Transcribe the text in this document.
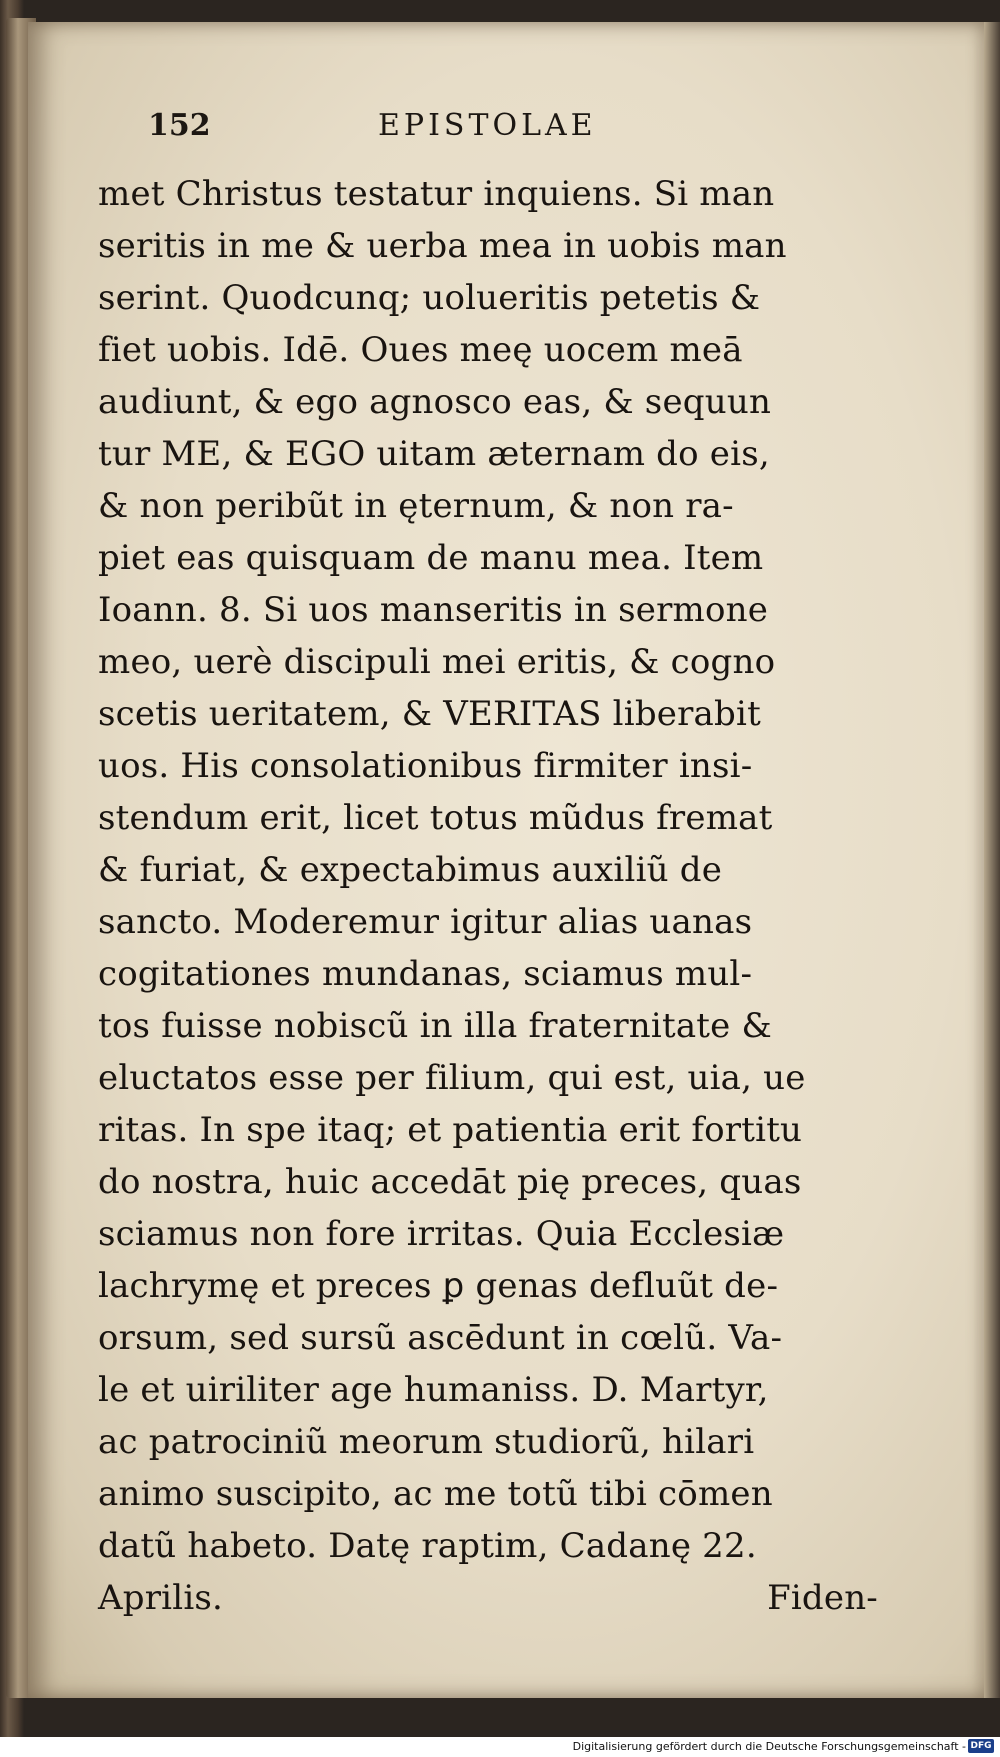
152	EPISTOLAE
met Christus testatur inquiens. Si man
seritis in me & uerba mea in uobis man
serint. Quodcunq; uolueritis petetis &
fiet uobis. Idē. Oues meę uocem meā
audiunt, & ego agnosco eas, & sequun
tur ME, & EGO uitam æternam do eis,
& non peribũt in ęternum, & non ra-
piet eas quisquam de manu mea. Item
Ioann. 8. Si uos manseritis in sermone
meo, uerè discipuli mei eritis, & cogno
scetis ueritatem, & VERITAS liberabit
uos. His consolationibus firmiter insi-
stendum erit, licet totus mũdus fremat
& furiat, & expectabimus auxiliũ de
sancto. Moderemur igitur alias uanas
cogitationes mundanas, sciamus mul-
tos fuisse nobiscũ in illa fraternitate &
eluctatos esse per filium, qui est, uia, ue
ritas. In spe itaq; et patientia erit fortitu
do nostra, huic accedāt pię preces, quas
sciamus non fore irritas. Quia Ecclesiæ
lachrymę et preces ꝑ genas defluũt de-
orsum, sed sursũ ascēdunt in cœlũ. Va-
le et uiriliter age humaniss. D. Martyr,
ac patrociniũ meorum studiorũ, hilari
animo suscipito, ac me totũ tibi cōmen
datũ habeto. Datę raptim, Cadanę 22.
Aprilis.	Fiden-
Digitalisierung gefördert durch die Deutsche Forschungsgemeinschaft - DFG
